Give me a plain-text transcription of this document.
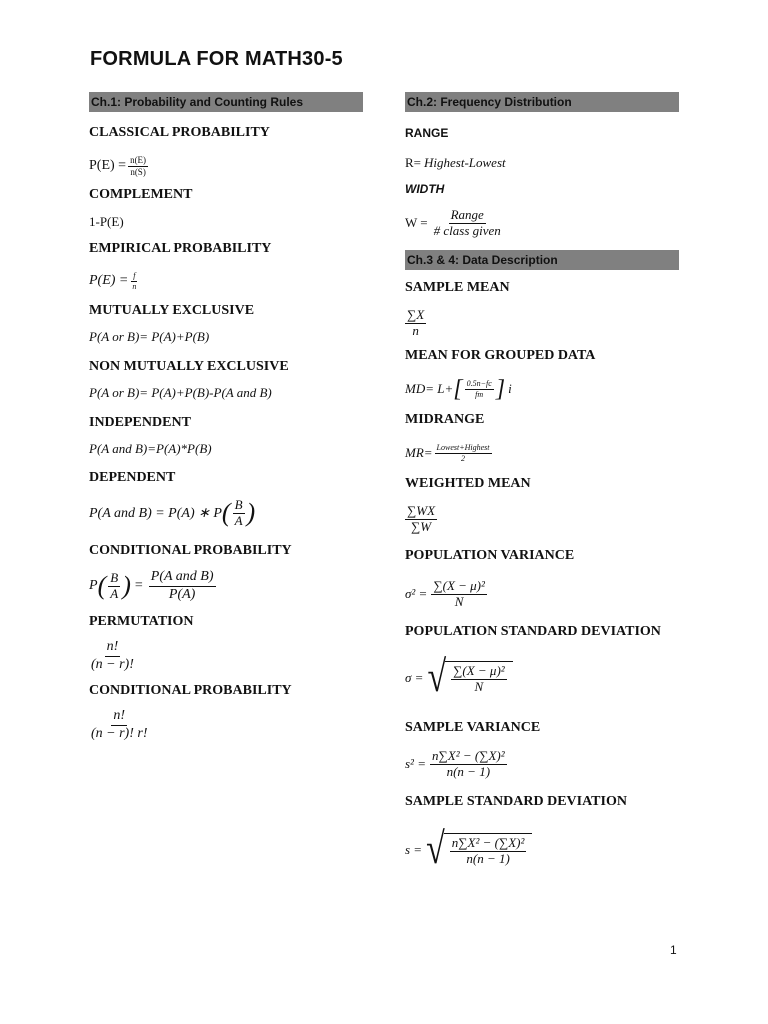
FORMULA FOR MATH30-5
Ch.1: Probability and Counting Rules
CLASSICAL PROBABILITY
$P(E) = \frac{n(E)}{n(S)}$
COMPLEMENT
1-P(E)
EMPIRICAL PROBABILITY
$P(E) = \frac{f}{n}$
MUTUALLY EXCLUSIVE
P(A or B)= P(A)+P(B)
NON MUTUALLY EXCLUSIVE
P(A or B)= P(A)+P(B)-P(A and B)
INDEPENDENT
P(A and B)=P(A)*P(B)
DEPENDENT
P(A and B) = P(A) ∗ P ( $\frac{B}{A}$ )
CONDITIONAL PROBABILITY
P ( $\frac{B}{A}$ ) = $\frac{\text{P(A and B)}}{P(A)}$
PERMUTATION
$\frac{n!}{(n - r)!}$
CONDITIONAL PROBABILITY
$\frac{n!}{(n - r)! r!}$
Ch.2: Frequency Distribution
RANGE
R= Highest-Lowest
WIDTH
$W = \frac{\text{Range}}{\text{\# class given}}$
Ch.3 & 4: Data Description
SAMPLE MEAN
$\frac{\sum X}{n}$
MEAN FOR GROUPED DATA
MD= L+ [ $\frac{0.5n-fc}{fm}$ ] i
MIDRANGE
$MR= \frac{\text{Lowest+Highest}}{2}$
WEIGHTED MEAN
$\frac{\sum WX}{\sum W}$
POPULATION VARIANCE
$\sigma^2 = \frac{\text{∑(X − μ)²}}{N}$
POPULATION STANDARD DEVIATION
σ = √ $\frac{\text{∑(X − μ)²}}{N}$
SAMPLE VARIANCE
$s^2 = \frac{\text{n∑X² − (∑X)²}}{n(n - 1)}$
SAMPLE STANDARD DEVIATION
s = √ $\frac{\text{n∑X² − (∑X)²}}{n(n - 1)}$
1
